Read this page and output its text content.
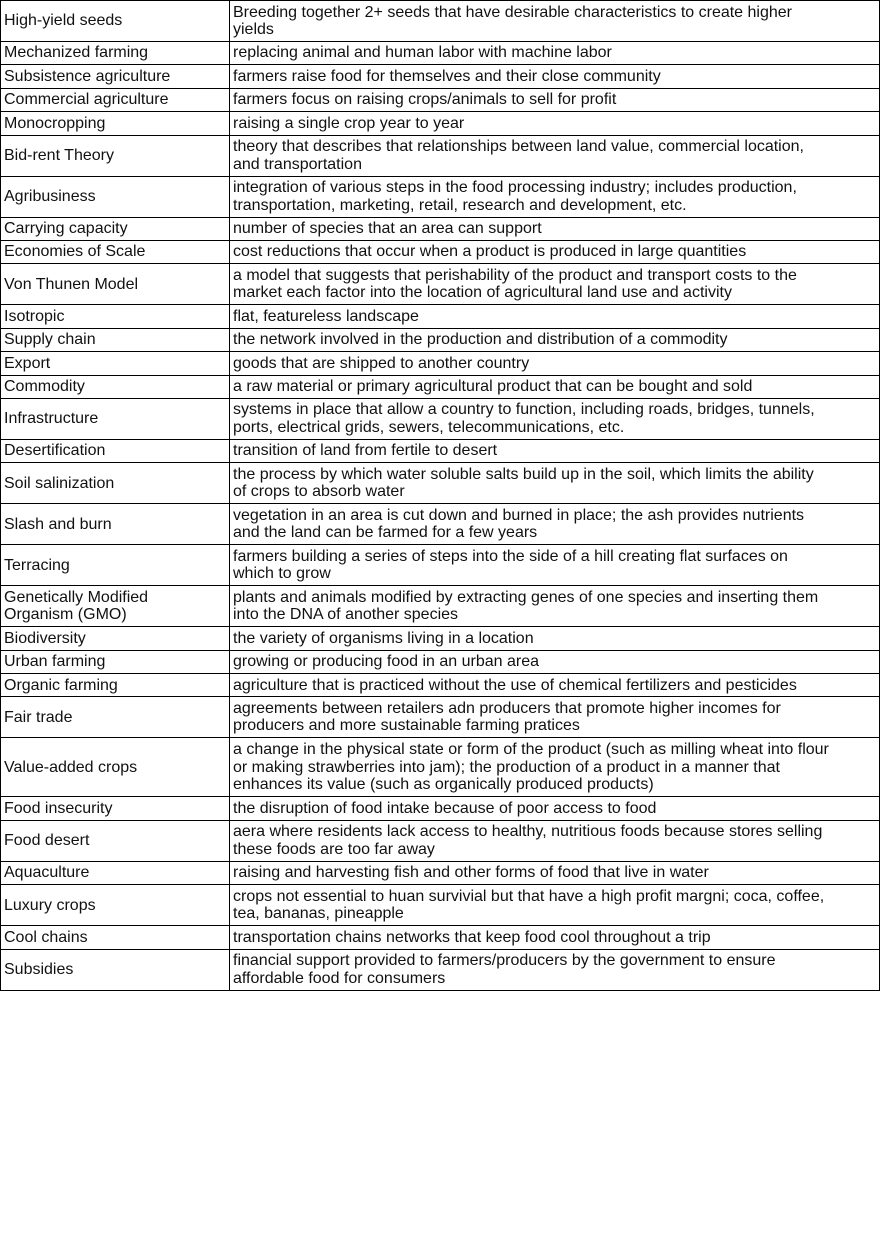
High-yield seeds	Breeding together 2+ seeds that have desirable characteristics to create higher
yields
Mechanized farming	replacing animal and human labor with machine labor
Subsistence agriculture	farmers raise food for themselves and their close community
Commercial agriculture	farmers focus on raising crops/animals to sell for profit
Monocropping	raising a single crop year to year
Bid-rent Theory	theory that describes that relationships between land value, commercial location,
and transportation
Agribusiness	integration of various steps in the food processing industry; includes production,
transportation, marketing, retail, research and development, etc.
Carrying capacity	number of species that an area can support
Economies of Scale	cost reductions that occur when a product is produced in large quantities
Von Thunen Model	a model that suggests that perishability of the product and transport costs to the
market each factor into the location of agricultural land use and activity
Isotropic	flat, featureless landscape
Supply chain	the network involved in the production and distribution of a commodity
Export	goods that are shipped to another country
Commodity	a raw material or primary agricultural product that can be bought and sold
Infrastructure	systems in place that allow a country to function, including roads, bridges, tunnels,
ports, electrical grids, sewers, telecommunications, etc.
Desertification	transition of land from fertile to desert
Soil salinization	the process by which water soluble salts build up in the soil, which limits the ability
of crops to absorb water
Slash and burn	vegetation in an area is cut down and burned in place; the ash provides nutrients
and the land can be farmed for a few years
Terracing	farmers building a series of steps into the side of a hill creating flat surfaces on
which to grow
Genetically Modified
Organism (GMO)	plants and animals modified by extracting genes of one species and inserting them
into the DNA of another species
Biodiversity	the variety of organisms living in a location
Urban farming	growing or producing food in an urban area
Organic farming	agriculture that is practiced without the use of chemical fertilizers and pesticides
Fair trade	agreements between retailers adn producers that promote higher incomes for
producers and more sustainable farming pratices
Value-added crops	a change in the physical state or form of the product (such as milling wheat into flour
or making strawberries into jam); the production of a product in a manner that
enhances its value (such as organically produced products)
Food insecurity	the disruption of food intake because of poor access to food
Food desert	aera where residents lack access to healthy, nutritious foods because stores selling
these foods are too far away
Aquaculture	raising and harvesting fish and other forms of food that live in water
Luxury crops	crops not essential to huan survivial but that have a high profit margni; coca, coffee,
tea, bananas, pineapple
Cool chains	transportation chains networks that keep food cool throughout a trip
Subsidies	financial support provided to farmers/producers by the government to ensure
affordable food for consumers
